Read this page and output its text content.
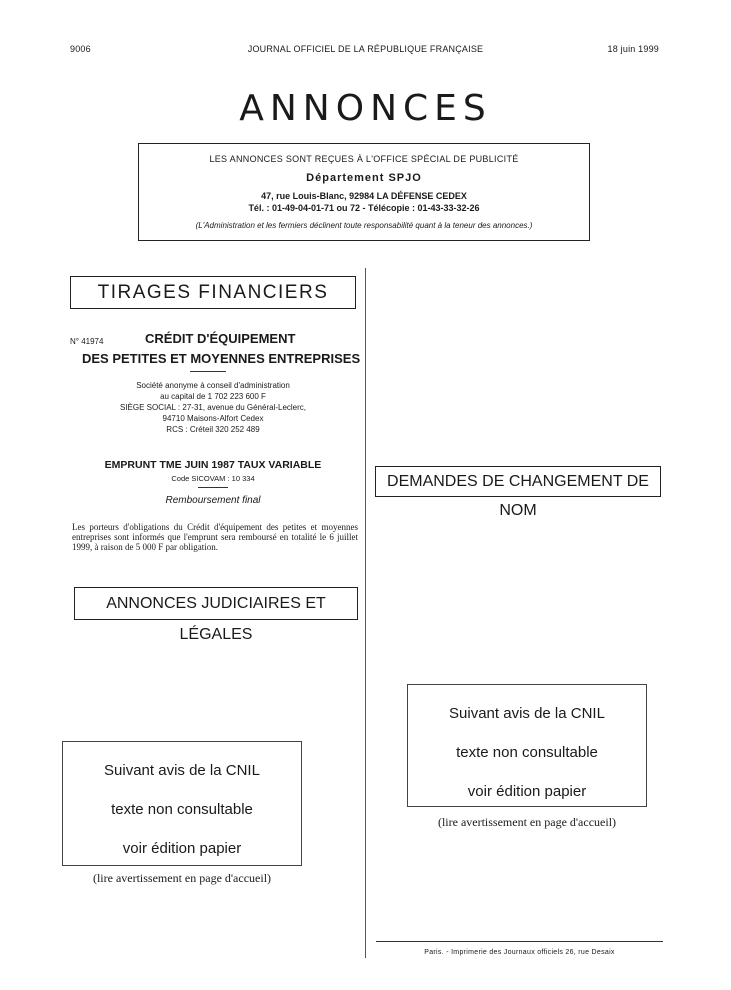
9006	JOURNAL OFFICIEL DE LA RÉPUBLIQUE FRANÇAISE	18 juin 1999
ANNONCES
LES ANNONCES SONT REÇUES À L'OFFICE SPÉCIAL DE PUBLICITÉ
Département SPJO
47, rue Louis-Blanc, 92984 LA DÉFENSE CEDEX
Tél. : 01-49-04-01-71 ou 72 - Télécopie : 01-43-33-32-26
(L'Administration et les fermiers déclinent toute responsabilité quant à la teneur des annonces.)
TIRAGES FINANCIERS
N° 41974	CRÉDIT D'ÉQUIPEMENT
DES PETITES ET MOYENNES ENTREPRISES
Société anonyme à conseil d'administration
au capital de 1 702 223 600 F
SIÈGE SOCIAL : 27-31, avenue du Général-Leclerc,
94710 Maisons-Alfort Cedex
RCS : Créteil 320 252 489
EMPRUNT TME JUIN 1987 TAUX VARIABLE
Code SICOVAM : 10 334
Remboursement final
Les porteurs d'obligations du Crédit d'équipement des petites et moyennes entreprises sont informés que l'emprunt sera remboursé en totalité le 6 juillet 1999, à raison de 5 000 F par obligation.
ANNONCES JUDICIAIRES ET LÉGALES
DEMANDES DE CHANGEMENT DE NOM
Suivant avis de la CNIL
texte non consultable
voir édition papier
(lire avertissement en page d'accueil)
Suivant avis de la CNIL
texte non consultable
voir édition papier
(lire avertissement en page d'accueil)
Paris. - Imprimerie des Journaux officiels 26, rue Desaix
